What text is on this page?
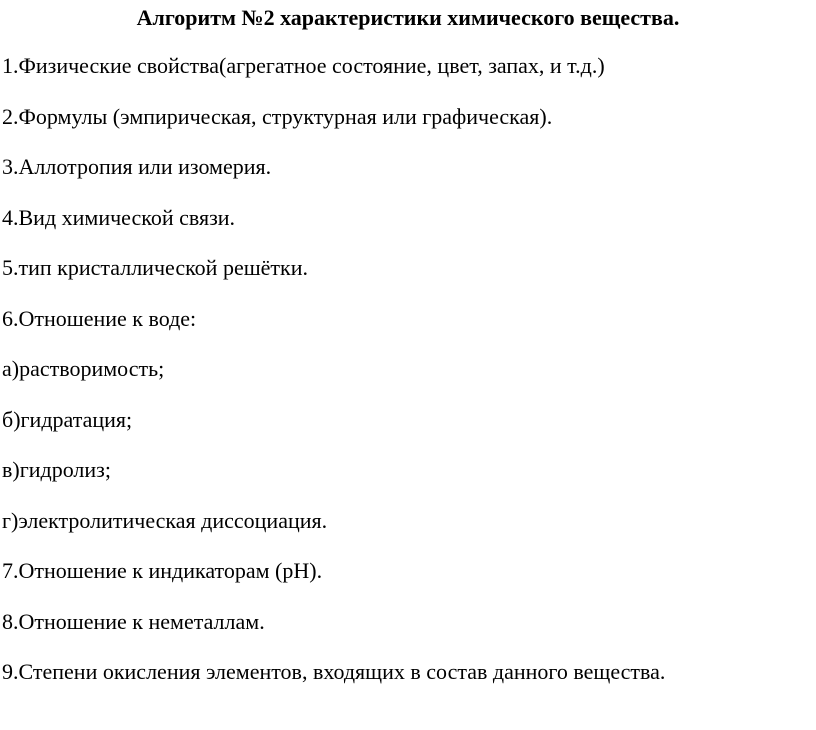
Алгоритм №2 характеристики химического вещества.
1.Физические свойства(агрегатное состояние, цвет, запах, и т.д.)
2.Формулы (эмпирическая, структурная или графическая).
3.Аллотропия или изомерия.
4.Вид химической связи.
5.тип кристаллической решётки.
6.Отношение к воде:
а)растворимость;
б)гидратация;
в)гидролиз;
г)электролитическая диссоциация.
7.Отношение к индикаторам (рН).
8.Отношение к неметаллам.
9.Степени окисления элементов, входящих в состав данного вещества.
